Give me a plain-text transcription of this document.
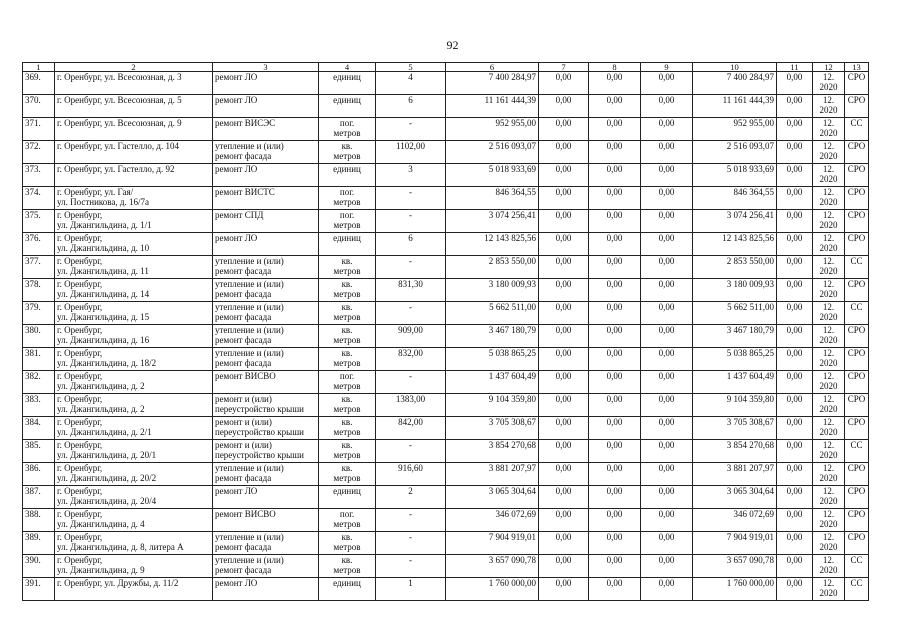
92
1	2	3	4	5	6	7	8	9	10	11	12	13

369.	г. Оренбург, ул. Всесоюзная, д. 3	ремонт ЛО	единиц	4	7 400 284,97	0,00	0,00	0,00	7 400 284,97	0,00	12.
2020	СРО

370.	г. Оренбург, ул. Всесоюзная, д. 5	ремонт ЛО	единиц	6	11 161 444,39	0,00	0,00	0,00	11 161 444,39	0,00	12.
2020	СРО

371.	г. Оренбург, ул. Всесоюзная, д. 9	ремонт ВИСЭС	пог.
метров	-	952 955,00	0,00	0,00	0,00	952 955,00	0,00	12.
2020	СС

372.	г. Оренбург, ул. Гастелло, д. 104	утепление и (или)
ремонт фасада	кв.
метров	1102,00	2 516 093,07	0,00	0,00	0,00	2 516 093,07	0,00	12.
2020	СРО

373.	г. Оренбург, ул. Гастелло, д. 92	ремонт ЛО	единиц	3	5 018 933,69	0,00	0,00	0,00	5 018 933,69	0,00	12.
2020	СРО

374.	г. Оренбург, ул. Гая/
ул. Постникова, д. 16/7а	ремонт ВИСТС	пог.
метров	-	846 364,55	0,00	0,00	0,00	846 364,55	0,00	12.
2020	СРО

375.	г. Оренбург,
ул. Джангильдина, д. 1/1	ремонт СПД	пог.
метров	-	3 074 256,41	0,00	0,00	0,00	3 074 256,41	0,00	12.
2020	СРО

376.	г. Оренбург,
ул. Джангильдина, д. 10	ремонт ЛО	единиц	6	12 143 825,56	0,00	0,00	0,00	12 143 825,56	0,00	12.
2020	СРО

377.	г. Оренбург,
ул. Джангильдина, д. 11	утепление и (или)
ремонт фасада	кв.
метров	-	2 853 550,00	0,00	0,00	0,00	2 853 550,00	0,00	12.
2020	СС

378.	г. Оренбург,
ул. Джангильдина, д. 14	утепление и (или)
ремонт фасада	кв.
метров	831,30	3 180 009,93	0,00	0,00	0,00	3 180 009,93	0,00	12.
2020	СРО

379.	г. Оренбург,
ул. Джангильдина, д. 15	утепление и (или)
ремонт фасада	кв.
метров	-	5 662 511,00	0,00	0,00	0,00	5 662 511,00	0,00	12.
2020	СС

380.	г. Оренбург,
ул. Джангильдина, д. 16	утепление и (или)
ремонт фасада	кв.
метров	909,00	3 467 180,79	0,00	0,00	0,00	3 467 180,79	0,00	12.
2020	СРО

381.	г. Оренбург,
ул. Джангильдина, д. 18/2	утепление и (или)
ремонт фасада	кв.
метров	832,00	5 038 865,25	0,00	0,00	0,00	5 038 865,25	0,00	12.
2020	СРО

382.	г. Оренбург,
ул. Джангильдина, д. 2	ремонт ВИСВО	пог.
метров	-	1 437 604,49	0,00	0,00	0,00	1 437 604,49	0,00	12.
2020	СРО

383.	г. Оренбург,
ул. Джангильдина, д. 2	ремонт и (или)
переустройство крыши	кв.
метров	1383,00	9 104 359,80	0,00	0,00	0,00	9 104 359,80	0,00	12.
2020	СРО

384.	г. Оренбург,
ул. Джангильдина, д. 2/1	ремонт и (или)
переустройство крыши	кв.
метров	842,00	3 705 308,67	0,00	0,00	0,00	3 705 308,67	0,00	12.
2020	СРО

385.	г. Оренбург,
ул. Джангильдина, д. 20/1	ремонт и (или)
переустройство крыши	кв.
метров	-	3 854 270,68	0,00	0,00	0,00	3 854 270,68	0,00	12.
2020	СС

386.	г. Оренбург,
ул. Джангильдина, д. 20/2	утепление и (или)
ремонт фасада	кв.
метров	916,60	3 881 207,97	0,00	0,00	0,00	3 881 207,97	0,00	12.
2020	СРО

387.	г. Оренбург,
ул. Джангильдина, д. 20/4	ремонт ЛО	единиц	2	3 065 304,64	0,00	0,00	0,00	3 065 304,64	0,00	12.
2020	СРО

388.	г. Оренбург,
ул. Джангильдина, д. 4	ремонт ВИСВО	пог.
метров	-	346 072,69	0,00	0,00	0,00	346 072,69	0,00	12.
2020	СРО

389.	г. Оренбург,
ул. Джангильдина, д. 8, литера А	утепление и (или)
ремонт фасада	кв.
метров	-	7 904 919,01	0,00	0,00	0,00	7 904 919,01	0,00	12.
2020	СРО

390.	г. Оренбург,
ул. Джангильдина, д. 9	утепление и (или)
ремонт фасада	кв.
метров	-	3 657 090,78	0,00	0,00	0,00	3 657 090,78	0,00	12.
2020	СС

391.	г. Оренбург, ул. Дружбы, д. 11/2	ремонт ЛО	единиц	1	1 760 000,00	0,00	0,00	0,00	1 760 000,00	0,00	12.
2020	СС
